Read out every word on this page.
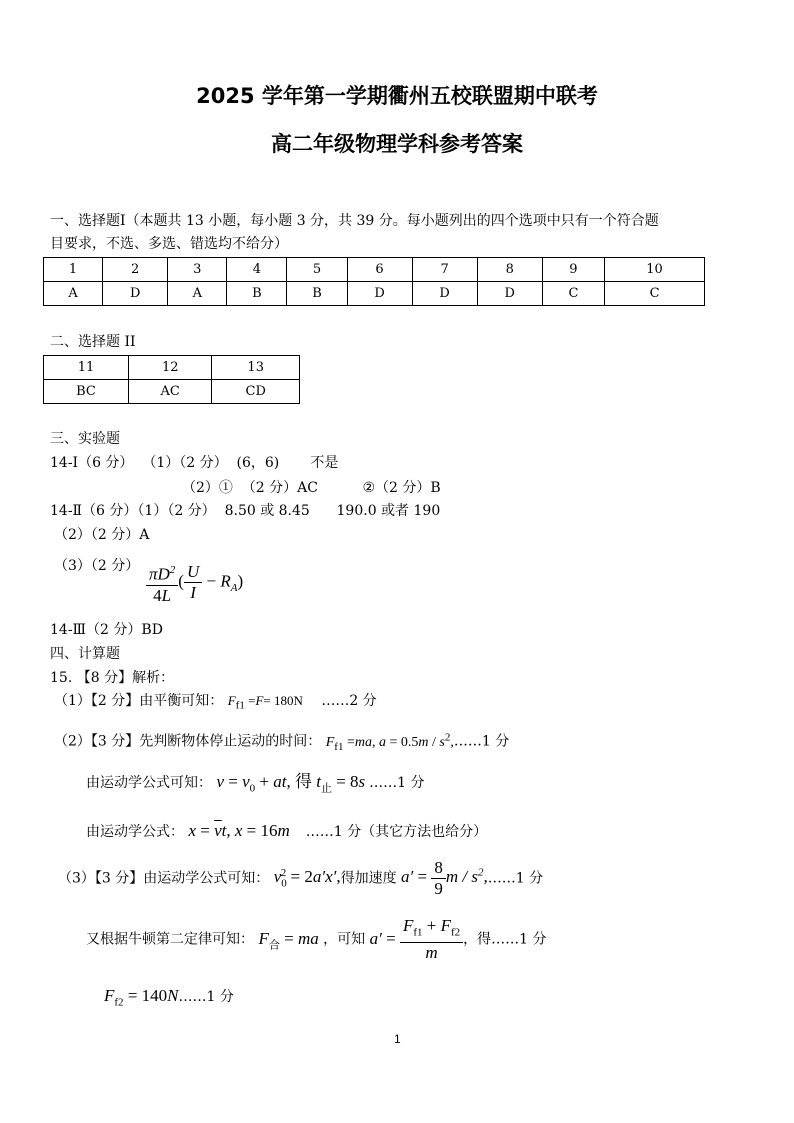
2025 学年第一学期衢州五校联盟期中联考
高二年级物理学科参考答案
一、选择题Ⅰ（本题共 13 小题，每小题 3 分，共 39 分。每小题列出的四个选项中只有一个符合题
目要求，不选、多选、错选均不给分）
1	2	3	4	5	6	7	8	9	10
A	D	A	B	B	D	D	D	C	C
二、选择题 II
11	12	13
BC	AC	CD
三、实验题
14-Ⅰ（6 分）  （1）（2 分）  (6，6)       不是
（2）①  （2 分）AC          ②（2 分）B
14-Ⅱ（6 分）（1）（2 分）  8.50 或 8.45      190.0 或者 190
（2）（2 分）A
（3）（2 分） $\frac{\pi D^2}{4L}$ ( $\frac{U}{I} - R_A$)
14-Ⅲ（2 分）BD
四、计算题
15. 【8 分】解析：
（1）【2 分】由平衡可知： $F_{f1} =F= 180N$ ……2 分
（2）【3 分】先判断物体停止运动的时间： $F_{f1} =ma$, $a = 0.5m / s^2,\dots\dots 1$ 分
由运动学公式可知： $v = v_0$ + at, 得 $t_止 = 8s$ ……1 分
由运动学公式： $x = \overline{v}t$, x = 16m ……1 分（其它方法也给分）
（3）【3 分】由运动学公式可知： $v_0^2 = 2a'x'$,得加速度 $a' = \frac{8}{9}$ m / $s^2,\dots\dots 1$ 分
又根据牛顿第二定律可知： $F_合$ = ma ，可知 $a' = \frac{F_{f1} + F_{f2}}{m}$ ，得……1 分
$F_{f2}$ = 140N……1 分
1
